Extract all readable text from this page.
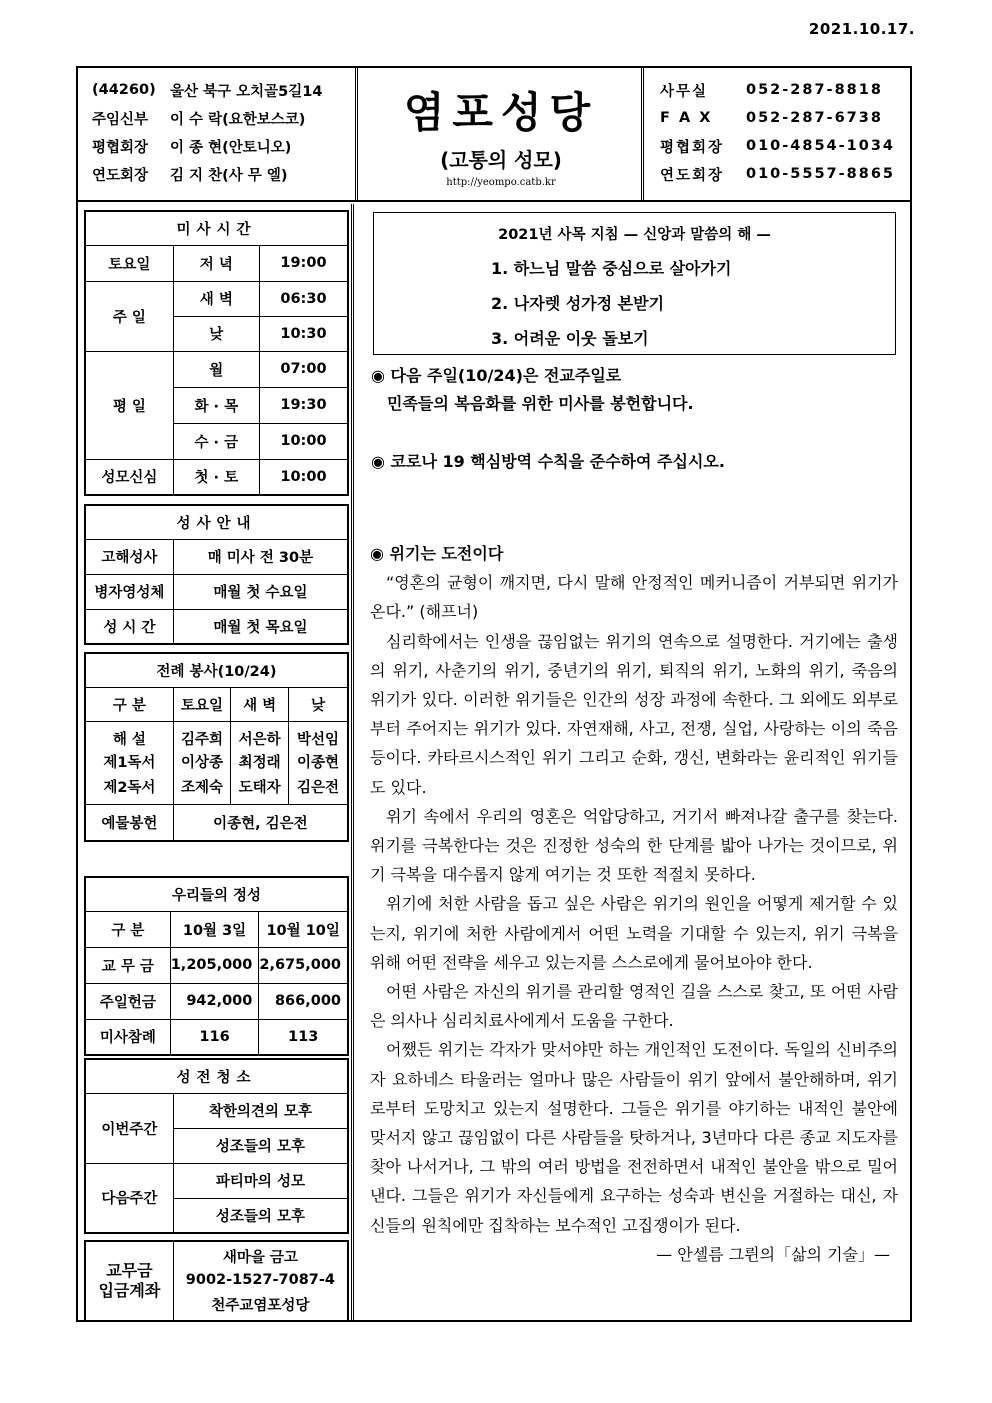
2021.10.17.
(44260) 울산 북구 오치골5길14
주임신부	이 수 락(요한보스코)
평협회장	이 종 현(안토니오)
연도회장	김 지 찬(사 무 엘)
염포성당
(고통의 성모)
http://yeompo.catb.kr
사무실	052-287-8818
F A X	052-287-6738
평협회장	010-4854-1034
연도회장	010-5557-8865
미사시간		
토요일	저 녁	19:00
주 일	새 벽	06:30
	낮	10:30
평 일	월	07:00
	화 · 목	19:30
	수 · 금	10:00
성모신심	첫 · 토	10:00
성사안내	
고해성사	매 미사 전 30분
병자영성체	매월 첫 수요일
성 시 간	매월 첫 목요일
전례 봉사(10/24)			
구 분	토요일	새 벽	낮
해 설	김주희	서은하	박선임
제1독서	이상종	최정래	이종현
제2독서	조제숙	도태자	김은전
예물봉헌	이종현, 김은전		
우리들의 정성		
구 분	10월 3일	10월 10일
교 무 금	1,205,000	2,675,000
주일헌금	942,000	866,000
미사참례	116	113
성전청소	
이번주간	착한의견의 모후
	성조들의 모후
다음주간	파티마의 성모
	성조들의 모후
교무금
입금계좌
	새마을 금고
9002-1527-7087-4
천주교염포성당
2021년 사목 지침 — 신앙과 말씀의 해 —
1. 하느님 말씀 중심으로 살아가기
2. 나자렛 성가정 본받기
3. 어려운 이웃 돌보기
◉ 다음 주일(10/24)은 전교주일로
민족들의 복음화를 위한 미사를 봉헌합니다.
◉ 코로나 19 핵심방역 수칙을 준수하여 주십시오.

◉ 위기는 도전이다

“영혼의 균형이 깨지면, 다시 말해 안정적인 메커니즘이 거부되면 위기가 온다.” (해프너)

심리학에서는 인생을 끊임없는 위기의 연속으로 설명한다. 거기에는 출생의 위기, 사춘기의 위기, 중년기의 위기, 퇴직의 위기, 노화의 위기, 죽음의 위기가 있다. 이러한 위기들은 인간의 성장 과정에 속한다. 그 외에도 외부로부터 주어지는 위기가 있다. 자연재해, 사고, 전쟁, 실업, 사랑하는 이의 죽음 등이다. 카타르시스적인 위기 그리고 순화, 갱신, 변화라는 윤리적인 위기들도 있다.

위기 속에서 우리의 영혼은 억압당하고, 거기서 빠져나갈 출구를 찾는다. 위기를 극복한다는 것은 진정한 성숙의 한 단계를 밟아 나가는 것이므로, 위기 극복을 대수롭지 않게 여기는 것 또한 적절치 못하다.

위기에 처한 사람을 돕고 싶은 사람은 위기의 원인을 어떻게 제거할 수 있는지, 위기에 처한 사람에게서 어떤 노력을 기대할 수 있는지, 위기 극복을 위해 어떤 전략을 세우고 있는지를 스스로에게 물어보아야 한다.

어떤 사람은 자신의 위기를 관리할 영적인 길을 스스로 찾고, 또 어떤 사람은 의사나 심리치료사에게서 도움을 구한다.

어쨌든 위기는 각자가 맞서야만 하는 개인적인 도전이다. 독일의 신비주의자 요하네스 타울러는 얼마나 많은 사람들이 위기 앞에서 불안해하며, 위기로부터 도망치고 있는지 설명한다. 그들은 위기를 야기하는 내적인 불안에 맞서지 않고 끊임없이 다른 사람들을 탓하거나, 3년마다 다른 종교 지도자를 찾아 나서거나, 그 밖의 여러 방법을 전전하면서 내적인 불안을 밖으로 밀어낸다. 그들은 위기가 자신들에게 요구하는 성숙과 변신을 거절하는 대신, 자신들의 원칙에만 집착하는 보수적인 고집쟁이가 된다.

— 안셀름 그륀의「삶의 기술」—
